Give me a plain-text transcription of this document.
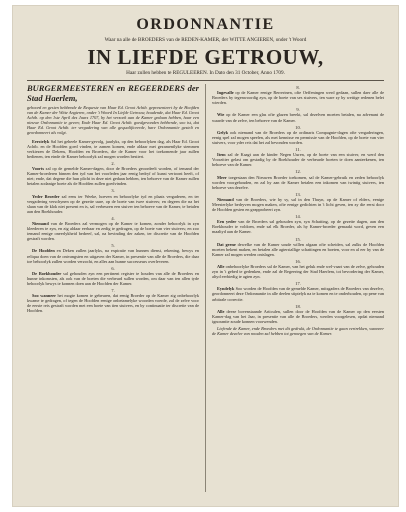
ORDONNANTIE
Waar na alle de BROEDERS van de REDEN-KAMER, der WITTE ANGIEREN, onder 't Woord
IN LIEFDE GETROUW,
Haar zullen hebben te REGULEEREN. In Dato den 31 October, Anno 1709.
BURGERMEESTEREN en REGEERDERS der Stad Haerlem,
gehoord en gesien hebbende de Requeste van Haar Ed. Groot Achtb. gepresenteert by de Hoofden van de Kamer der Witte Angieren, onder 't Woord In Liefde Getrouw, houdende, dat Haar Ed. Groot Achtb. op den 1ste April des Jaars 1707, by het verzoek aan de Kamer gedaan hebben, haar een nieuwe Ordonnantie te geven; Ende Haar Ed. Groot Achtb. goedgevonden hebbende, soo ist, dat Haar Ed. Groot Achtb. ter vergadering van alle gequalificeerde, hare Ordonnantie gestelt en geordonneert als volgt.

Eerstelyk Sal het geheele Kamer-gevolg, jaarlyks, op den behoorlyken dag, als Haar Ed. Groot Achtb. en de Hoofden goed vinden, te zamen komen, ende aldaar met gezamentlyke stemmen verkiezen de Dekens, Hoofden en Broeders, die de Kamer voor het toekomende jaar zullen bedienen, ten einde de Kamer behoorlyk zal mogen worden bestiert.

2.

Voorts zal op de gemelde Kamer-dagen, door de Broeders geoordeelt worden, of iemand der Kamer-broederen binnen den tyd van het voorleden jaar eenig bedryf of kunst vertoont heeft, of niet; ende, dat degene die hun plicht in deze niet gedaan hebben, ten behoeve van de Kamer zullen betalen zodanige boete als de Hoofden zullen goedvinden.

3.

Yeder Broeder zal eens ter Weeke, hoeven en behoorlyke tyd en plaats vergaderen, en ter vergadering verschynen op de gezette uure, op de boete van twee stuivers; en degeen die na het slaan van de klok niet present en is, sal verbeuren een stuiver ten behoeve van de Kamer, te betalen aan den Boekhouder.

4.

Niemand van de Broeders zal vermogen op de Kamer te komen, zonder behoorlyk in zyn kleederen te zyn, en zig aldaar eerbaar en zedig te gedragen, op de boete van vier stuivers; en zoo iemand eenige oneerlykheid bedreef, sal, na bevinding der zaken, ter discretie van de Hoofden gestraft worden.

5.

De Hoofden en Deken zullen jaarlyks, na expiratie van hunnen dienst, rekening, bewys en reliqua doen van de ontvangsten en uitgaven der Kamer, in presentie van alle de Broeders, die daar toe behoorlyk zullen worden verzocht, en alles aan hunne successeurs overleveren.

6.

De Boekhouder sal gehouden zyn een pertinent register te houden van alle de Broeders en hunne inkomsten, als ook van de boeten die verbeurd sullen worden, om daar van ten allen tyde behoorlyk bewys te konnen doen aan de Hoofden der Kamer.

7.

Soo wanneer het mogte komen te gebeuren, dat eenig Broeder op de Kamer zig onbehoorlyk kwame te gedragen, of tegen de Hoofden eenige onbetamelyke woorden voerde, zal de zelve voor de eerste reis gestraft worden met een boete van tien stuivers, en by continuatie ter discretie van de Hoofden.

8.

Ingevalle op de Kamer eenige Rerrerinen, ofte Oeffeningen werd gedaan, sullen daer alle de Broeders by tegenwoordig zyn, op de boete van ses stuivers, ten ware zy by wettige redenen belet wierden.

9.

Wie op de Kamer een glas ofte glazen breekt, sal dezelven moeten betalen, na advenant de waarde van de zelve, ten behoeve van de Kamer.

10.

Gelyk ook niemand van de Broeders op de ordinaris Compagnie-dagen ofte vergaderingen, eenig spel zal mogen speelen, als met kennisse en permissie van de Hoofden, op de boete van vier stuivers, voor yder reis dat het zal bevonden worden.

11.

Item zal de Kaagt aan de kinder Negen Uuren, op de boete van een stuiver, en werd den Voorzitter gelast om gestadig by de Boekhouder de verbeurde boeten te doen aanteekenen, ten behoeve van de Kamer.

12.

Meer toegestaan den Nieuwen Broeder toekomen, sal de Kamer-gebruik en zeden behoorlyk worden voorgehouden, en zal hy aan de Kamer betalen een inkomen van twintig stuivers, ten behoeve van dezelve.

13.

Niemand van de Broeders, wie hy sy, sal in den Thuyn, op de Kamer of elders, eenige Meesterlyke bedryven mogen maken, ofte eenige gedichten in 't licht geven, ten zy die eerst door de Hoofden gesien en geapprobeert zyn.

14.

Een yeder van de Broeders sal gehouden zyn, syn Schatting, op de gezette dagen, aan den Boekhouder te voldoen, ende sal elk Broeder, als hy Kamer-broeder gemaakt word, geven een maaltyd aan de Kamer.

15.

Dat geene dewelke van de Kamer soude willen afgaan ofte scheiden, sal zulks de Hoofden moeten bekent maken, en betalen alle agterstallige schattingen en boeten, voor en al eer hy van de Kamer zal mogen werden ontslagen.

16.

Alle onbehoorlyke Broeders sal de Kamer, van het geluk ende wel-vaart van de zelve, gehouden zyn in 't gebed te gedenken, ende zal de Regeering der Stad Haerlem, tot bevordering der Kamer, altyd eerbiedig te agten zyn.

17.

Eyndelyk Soo worden de Hoofden van de gemelde Kamer, mitsgaders de Broeders van dezelve, geordonneert deze Ordonnantie in alle deelen stiptelyk na te komen en te onderhouden, op pene van arbitrale correctie.

18.

Alle deeze bovenstaande Articulen, sullen door de Hoofden van de Kamer op den eersten Kamer-dag van het Jaar, in presentie van alle de Broeders, werden voorgelesen, opdat niemand ignorantie zoude konnen voorwenden.

Liefende de Kamer, ende Broeders met dit gedrukt, de Ordonnantie te gaan vertrekken, wanneer de Kamer dezelve van nooden zal hebben tot genoegen van de Kamer.
